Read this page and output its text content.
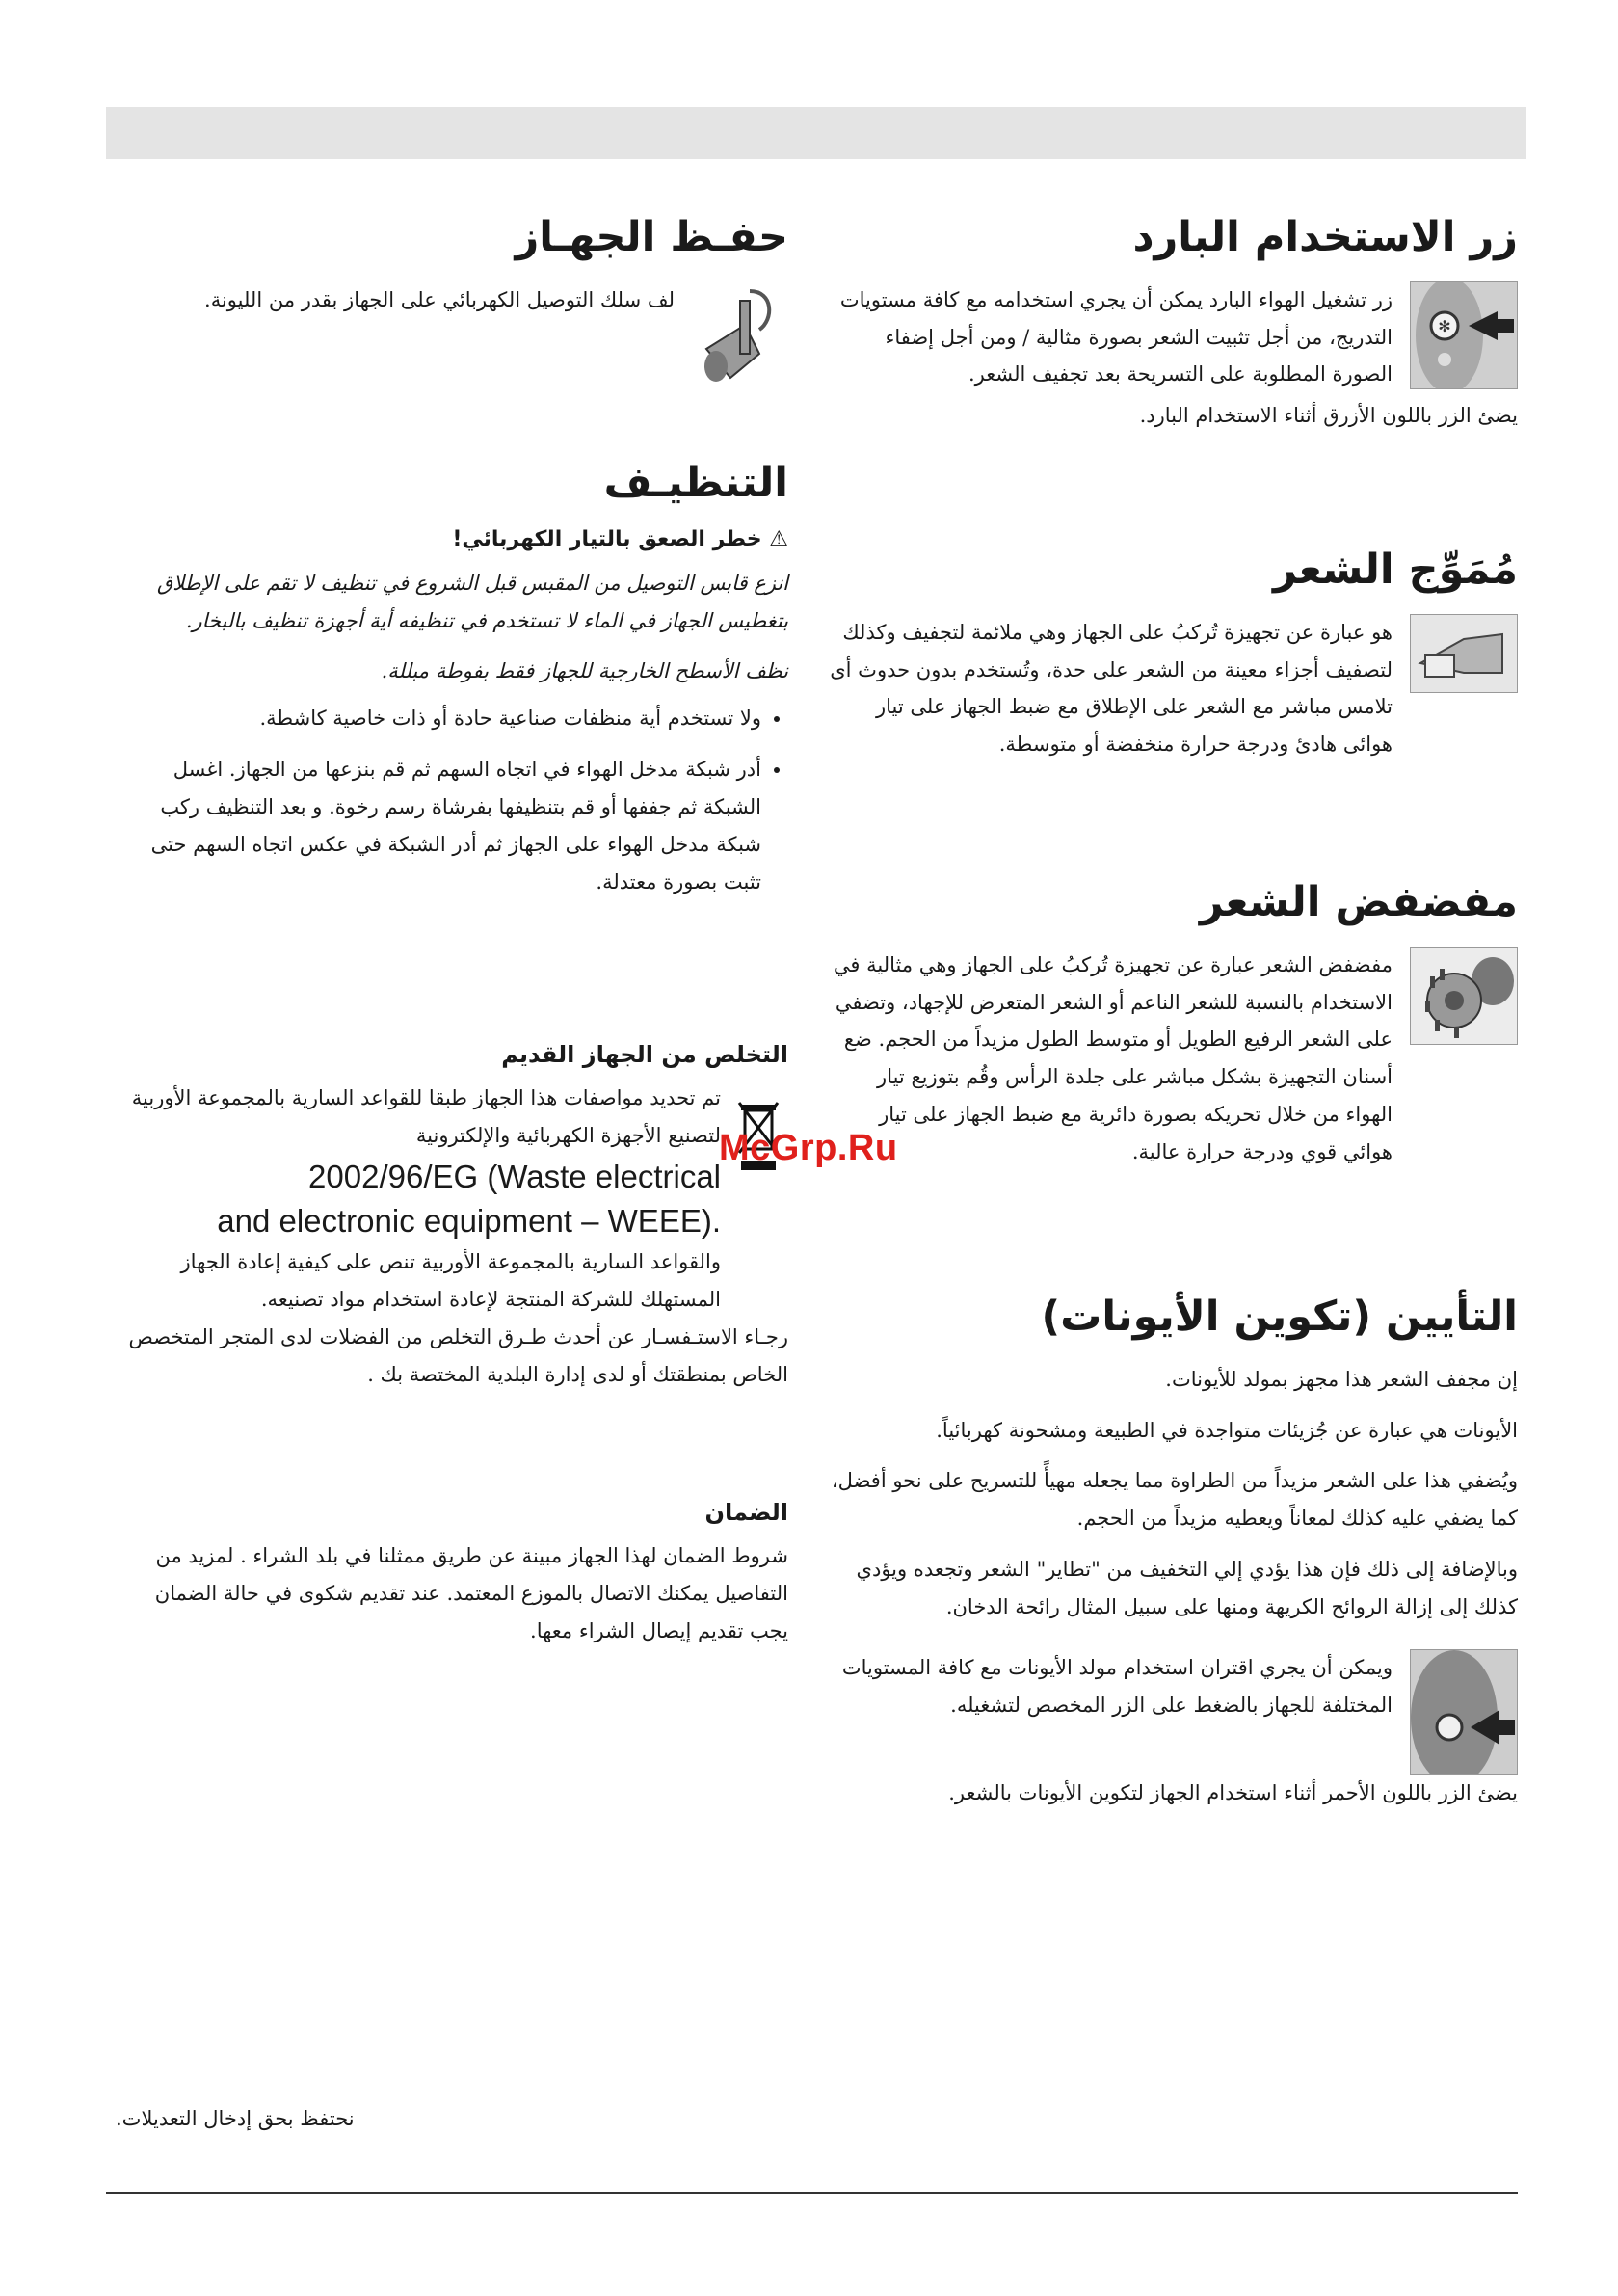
زر الاستخدام البارد
✻

زر تشغيل الهواء البارد يمكن أن يجري استخدامه مع كافة مستويات التدريج، من أجل تثبيت الشعر بصورة مثالية / ومن أجل إضفاء الصورة المطلوبة على التسريحة بعد تجفيف الشعر.

يضئ الزر باللون الأزرق أثناء الاستخدام البارد.

مُمَوِّج الشعر

هو عبارة عن تجهيزة تُركبُ على الجهاز وهي ملائمة لتجفيف وكذلك لتصفيف أجزاء معينة من الشعر على حدة، وتُستخدم بدون حدوث أى تلامس مباشر مع الشعر على الإطلاق مع ضبط الجهاز على تيار هوائى هادئ ودرجة حرارة منخفضة أو متوسطة.

مفضفض الشعر

مفضفض الشعر عبارة عن تجهيزة تُركبُ على الجهاز وهي مثالية في الاستخدام بالنسبة للشعر الناعم أو الشعر المتعرض للإجهاد، وتضفي على الشعر الرفيع الطويل أو متوسط الطول مزيداً من الحجم. ضع أسنان التجهيزة بشكل مباشر على جلدة الرأس وقُم بتوزيع تيار الهواء من خلال تحريكه بصورة دائرية مع ضبط الجهاز على تيار هوائي قوي ودرجة حرارة عالية.

التأيين (تكوين الأيونات)

إن مجفف الشعر هذا مجهز بمولد للأيونات.

الأيونات هي عبارة عن جُزيئات متواجدة في الطبيعة ومشحونة كهربائياً.

ويُضفي هذا على الشعر مزيداً من الطراوة مما يجعله مهيأً للتسريح على نحو أفضل، كما يضفي عليه كذلك لمعاناً ويعطيه مزيداً من الحجم.

وبالإضافة إلى ذلك فإن هذا يؤدي إلي التخفيف من "تطاير" الشعر وتجعده ويؤدي كذلك إلى إزالة الروائح الكريهة ومنها على سبيل المثال رائحة الدخان.

ويمكن أن يجري اقتران استخدام مولد الأيونات مع كافة المستويات المختلفة للجهاز بالضغط على الزر المخصص لتشغيله.

يضئ الزر باللون الأحمر أثناء استخدام الجهاز لتكوين الأيونات بالشعر.

حفـظ الجهـاز

لف سلك التوصيل الكهربائي على الجهاز بقدر من الليونة.

التنظيـف
⚠ خطر الصعق بالتيار الكهربائي!

انزع قابس التوصيل من المقبس قبل الشروع في تنظيف لا تقم على الإطلاق بتغطيس الجهاز في الماء لا تستخدم في تنظيفه أية أجهزة تنظيف بالبخار.

نظف الأسطح الخارجية للجهاز فقط بفوطة مبللة.

• ولا تستخدم أية منظفات صناعية حادة أو ذات خاصية كاشطة.
• أدر شبكة مدخل الهواء في اتجاه السهم ثم قم بنزعها من الجهاز. اغسل الشبكة ثم جففها أو قم بتنظيفها بفرشاة رسم رخوة. و بعد التنظيف ركب شبكة مدخل الهواء على الجهاز ثم أدر الشبكة في عكس اتجاه السهم حتى تثبت بصورة معتدلة.
التخلص من الجهاز القديم

تم تحديد مواصفات هذا الجهاز طبقا للقواعد السارية بالمجموعة الأوربية لتصنيع الأجهزة الكهربائية والإلكترونية

2002/96/EG (Waste electrical
and electronic equipment – WEEE).

والقواعد السارية بالمجموعة الأوربية تنص على كيفية إعادة الجهاز المستهلك للشركة المنتجة لإعادة استخدام مواد تصنيعه.

رجـاء الاستـفسـار عن أحدث طـرق التخلص من الفضلات لدى المتجر المتخصص الخاص بمنطقتك أو لدى إدارة البلدية المختصة بك .

الضمان

شروط الضمان لهذا الجهاز مبينة عن طريق ممثلنا في بلد الشراء . لمزيد من التفاصيل يمكنك الاتصال بالموزع المعتمد. عند تقديم شكوى في حالة الضمان يجب تقديم إيصال الشراء معها.

McGrp.Ru
نحتفظ بحق إدخال التعديلات.
